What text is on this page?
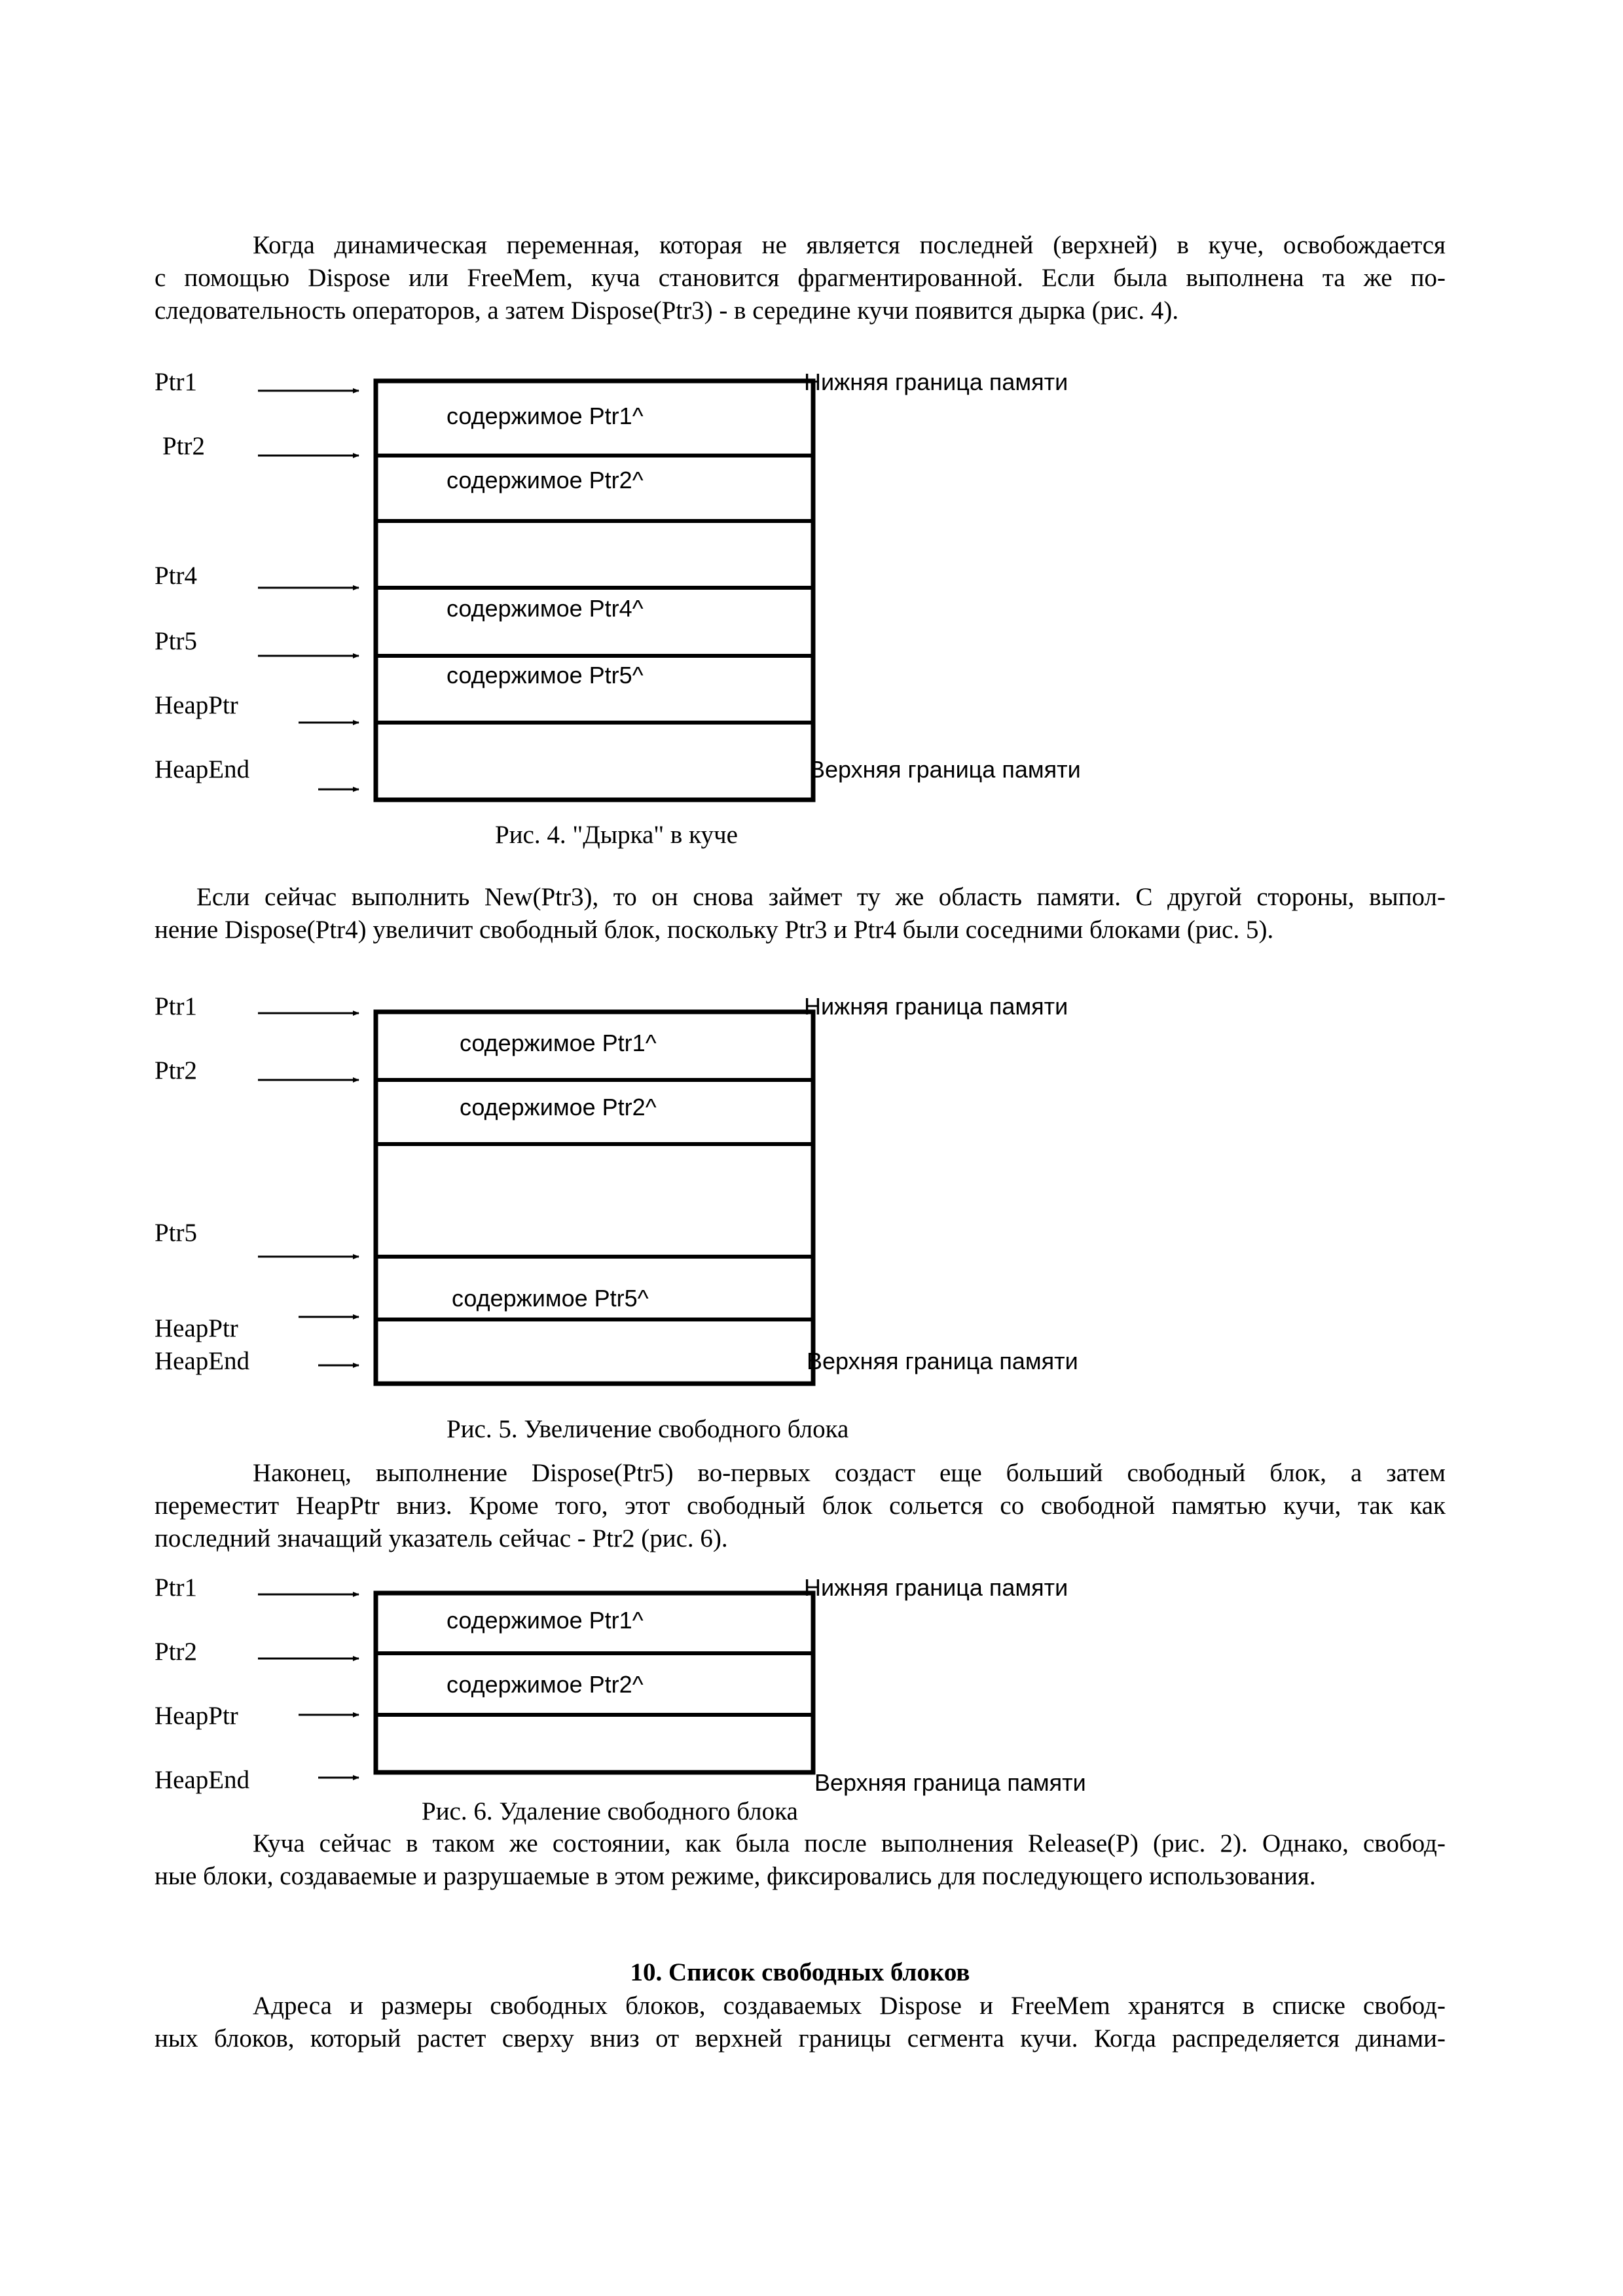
Когда динамическая переменная, которая не является последней (верхней) в куче, освобождается
с помощью Dispose или FreeMem, куча становится фрагментированной. Если была выполнена та же по-
следовательность операторов, а затем Dispose(Ptr3) - в середине кучи появится дырка (рис. 4).
Ptr1
Ptr2
Ptr4
Ptr5
HeapPtr
HeapEnd
содержимое Ptr1^
содержимое Ptr2^
содержимое Ptr4^
содержимое Ptr5^
Нижняя граница памяти
Верхняя граница памяти
Рис. 4. "Дырка" в куче
Если сейчас выполнить New(Ptr3), то он снова займет ту же область памяти. С другой стороны, выпол-
нение Dispose(Ptr4) увеличит свободный блок, поскольку Ptr3 и Ptr4 были соседними блоками (рис. 5).
Ptr1
Ptr2
Ptr5
HeapPtr
HeapEnd
содержимое Ptr1^
содержимое Ptr2^
содержимое Ptr5^
Нижняя граница памяти
Верхняя граница памяти
Рис. 5. Увеличение свободного блока
Наконец, выполнение Dispose(Ptr5) во-первых создаст еще больший свободный блок, а затем
переместит HeapPtr вниз. Кроме того, этот свободный блок сольется со свободной памятью кучи, так как
последний значащий указатель сейчас - Ptr2 (рис. 6).
Ptr1
Ptr2
HeapPtr
HeapEnd
содержимое Ptr1^
содержимое Ptr2^
Нижняя граница памяти
Верхняя граница памяти
Рис. 6. Удаление свободного блока
Куча сейчас в таком же состоянии, как была после выполнения Release(P) (рис. 2). Однако, свобод-
ные блоки, создаваемые и разрушаемые в этом режиме, фиксировались для последующего использования.
10. Список свободных блоков
Адреса и размеры свободных блоков, создаваемых Dispose и FreeMem хранятся в списке свобод-
ных блоков, который растет сверху вниз от верхней границы сегмента кучи. Когда распределяется динами-
